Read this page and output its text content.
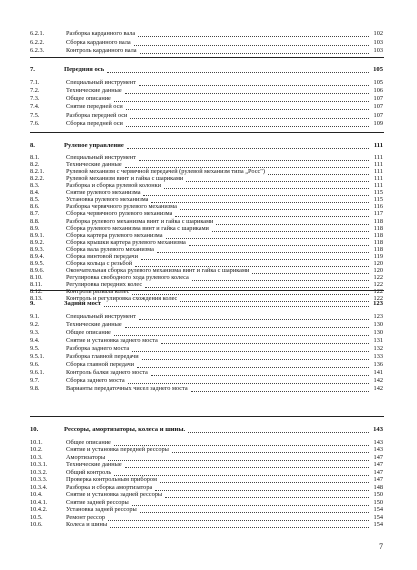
6.2.1.	Разборка карданного вала	102
6.2.2.	Сборка карданного вала	103
6.2.3.	Контроль карданного вала	103
7.	Передняя ось	105
7.1.	Специальный инструмент	105
7.2.	Технические данные	106
7.3.	Общее описание	107
7.4.	Снятие передней оси	107
7.5.	Разборка передней оси	107
7.6.	Сборка передней оси	109
8.	Рулевое управление	111
8.1.	Специальный инструмент	111
8.2.	Технические данные	111
8.2.1.	Рулевой механизм с червячной передачей (рулевой механизм типа „Росс")	111
8.2.2.	Рулевой механизм винт и гайка с шариками	111
8.3.	Разборка и сборка рулевой колонки	111
8.4.	Снятие рулевого механизма	115
8.5.	Установка рулевого механизма	115
8.6.	Разборка червячного рулевого механизма	116
8.7.	Сборка червячного рулевого механизма	117
8.8.	Разборка рулевого механизма винт и гайка с шариками	118
8.9.	Сборка рулевого механизма винт и гайка с шариками	118
8.9.1.	Сборка картера рулевого механизма	118
8.9.2.	Сборка крышки картера рулевого механизма	118
8.9.3.	Сборка вала рулевого механизма	118
8.9.4.	Сборка винтовой передачи	119
8.9.5.	Сборка кольца с резьбой	120
8.9.6.	Окончательная сборка рулевого механизма винт и гайка с шариками	120
8.10.	Регулировка свободного хода рулевого колеса	122
8.11.	Регулировка передних колес	122
8.12.	Контроль развала колес	122
8.13.	Контроль и регулировка схождения колес	122
9.	Задний мост	123
9.1.	Специальный инструмент	123
9.2.	Технические данные	130
9.3.	Общее описание	130
9.4.	Снятие и установка заднего моста	131
9.5.	Разборка заднего моста	132
9.5.1.	Разборка главной передачи	133
9.6.	Сборка главной передачи	136
9.6.1.	Контроль балки заднего моста	141
9.7.	Сборка заднего моста	142
9.8.	Варианты передаточных чисел заднего моста	142
10.	Рессоры, амортизаторы, колеса и шины.	143
10.1.	Общее описание	143
10.2.	Снятие и установка передней рессоры	143
10.3.	Амортизаторы	147
10.3.1.	Технические данные	147
10.3.2.	Общий контроль	147
10.3.3.	Проверка контрольным прибором	147
10.3.4.	Разборка и сборка амортизатора	148
10.4.	Снятие и установка задней рессоры	150
10.4.1.	Снятие задней рессоры	150
10.4.2.	Установка задней рессоры	154
10.5.	Ремонт рессор	154
10.6.	Колеса и шины	154
7
